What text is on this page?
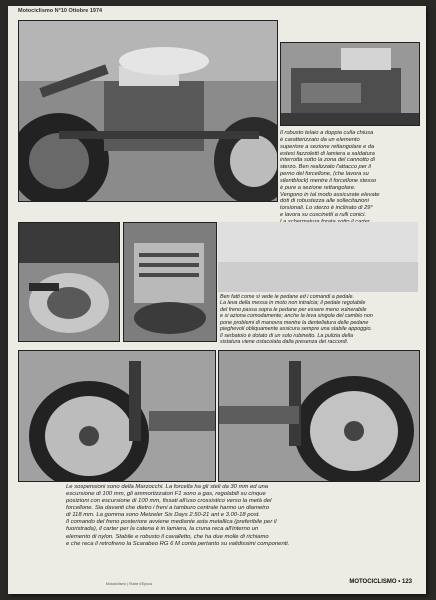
Motociclismo N°10 Ottobre 1974
Il robusto telaio a doppia culla chiusa
è caratterizzato da un elemento
superiore a sezione rettangolare e da
estesi fazzoletti di lamiera a saldatura
interrotta sotto la zona del cannotto di
sterzo. Ben realizzato l'attacco per il
perno del forcellone, (che lavora su
silentblock) mentre il forcellone stesso
è pure a sezione rettangolare.
Vengono in tal modo assicurate elevate
doti di robustezza alle sollecitazioni
torsionali. Lo sterzo è inclinato di 29°
e lavora su cuscinetti a rulli conici.

Ben fatti come si vede le pedane ed i comandi a pedale.
La leva della messa in moto non intralcia; il pedale regolabile
del freno passa sopra le pedane per essere meno vulnerabile
e si aziona comodamente; anche la leva singola del cambio non
pone problemi di manovra mentre la dentellatura delle pedane
pieghevoli obliquamente assicura sempre una stabile appoggio.
Il serbatoio è dotato di un solo rubinetto. La pulizia della
sistatura viene ostacolata dalla presenza dei raccordi.
Le sospensioni sono della Marzocchi. La forcella ha gli steli da 30 mm ed una
escursione di 100 mm, gli ammortizzatori F1 sono a gas, regolabili su cinque
posizioni con escursione di 100 mm, fissati all'uso crossistico verso la metà del
forcellone. Sia davanti che dietro i freni a tamburo centrale hanno un diametro
di 118 mm. La gomma sono Metzeler Six Days 2.50-21 ant e 3.00-18 post.
Il comando del freno posteriore avviene mediante asta metallica (preferibile per il
fuoristrada), il carter per la catena è in lamiera, la cruna reca all'interno un
elemento di nylon. Stabile e robusto il cavalletto, che ha due molle di richiamo
e che reca il retrofreno la Scarabeo RG 6 M conta pertanto su validissimi componenti.
Motociclismo | Ruote d'Epoca	MOTOCICLISMO • 123
